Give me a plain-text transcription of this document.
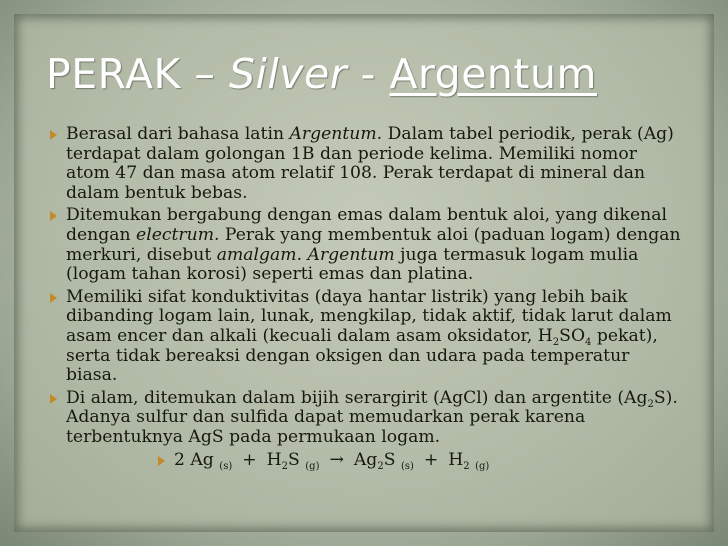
PERAK – Silver - Argentum
Berasal dari bahasa latin Argentum. Dalam tabel periodik, perak (Ag) terdapat dalam golongan 1B dan periode kelima. Memiliki nomor atom 47 dan masa atom relatif 108. Perak terdapat di mineral dan dalam bentuk bebas.
Ditemukan bergabung dengan emas dalam bentuk aloi, yang dikenal dengan electrum. Perak yang membentuk aloi (paduan logam) dengan merkuri, disebut amalgam. Argentum juga termasuk logam mulia (logam tahan korosi) seperti emas dan platina.
Memiliki sifat konduktivitas (daya hantar listrik) yang lebih baik dibanding logam lain, lunak, mengkilap, tidak aktif, tidak larut dalam asam encer dan alkali (kecuali dalam asam oksidator, $H_2SO_4$ pekat), serta tidak bereaksi dengan oksigen dan udara pada temperatur biasa.
Di alam, ditemukan dalam bijih serargirit (AgCl) dan argentite $(Ag_2S)$. Adanya sulfur dan sulfida dapat memudarkan perak karena terbentuknya AgS pada permukaan logam.
2 Ag $_{(s)} + H_2S$ $_{(g)} \to Ag_2S$ $_{(s)} + H_2$ $_{(g)}$
